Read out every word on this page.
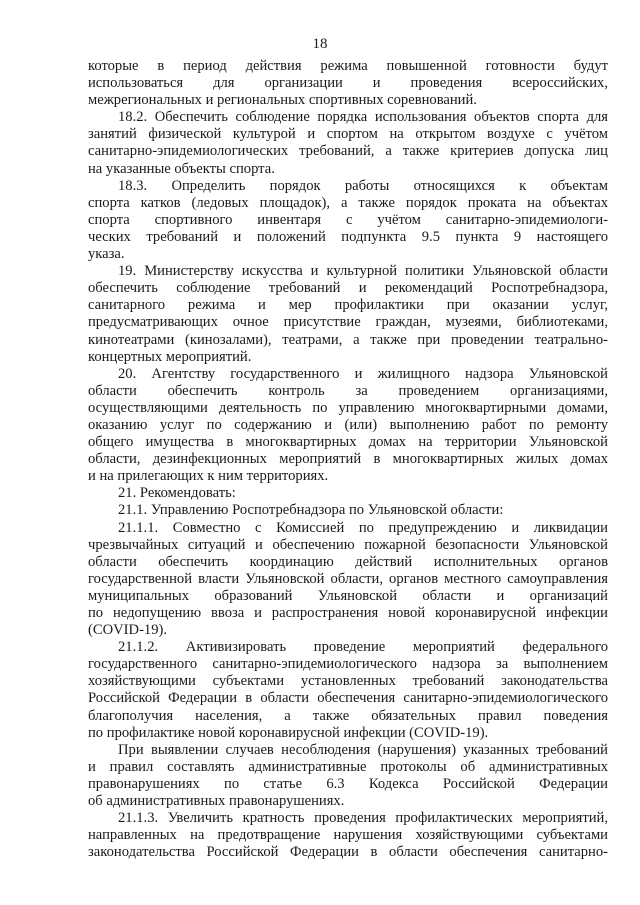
18
которые в период действия режима повышенной готовности будут
использоваться для организации и проведения всероссийских,
межрегиональных и региональных спортивных соревнований.
18.2. Обеспечить соблюдение порядка использования объектов спорта для
занятий физической культурой и спортом на открытом воздухе с учётом
санитарно-эпидемиологических требований, а также критериев допуска лиц
на указанные объекты спорта.
18.3. Определить порядок работы относящихся к объектам
спорта катков (ледовых площадок), а также порядок проката на объектах
спорта спортивного инвентаря с учётом санитарно-эпидемиологи-
ческих требований и положений подпункта 9.5 пункта 9 настоящего
указа.
19. Министерству искусства и культурной политики Ульяновской области
обеспечить соблюдение требований и рекомендаций Роспотребнадзора,
санитарного режима и мер профилактики при оказании услуг,
предусматривающих очное присутствие граждан, музеями, библиотеками,
кинотеатрами (кинозалами), театрами, а также при проведении театрально-
концертных мероприятий.
20. Агентству государственного и жилищного надзора Ульяновской
области обеспечить контроль за проведением организациями,
осуществляющими деятельность по управлению многоквартирными домами,
оказанию услуг по содержанию и (или) выполнению работ по ремонту
общего имущества в многоквартирных домах на территории Ульяновской
области, дезинфекционных мероприятий в многоквартирных жилых домах
и на прилегающих к ним территориях.
21. Рекомендовать:
21.1. Управлению Роспотребнадзора по Ульяновской области:
21.1.1. Совместно с Комиссией по предупреждению и ликвидации
чрезвычайных ситуаций и обеспечению пожарной безопасности Ульяновской
области обеспечить координацию действий исполнительных органов
государственной власти Ульяновской области, органов местного самоуправления
муниципальных образований Ульяновской области и организаций
по недопущению ввоза и распространения новой коронавирусной инфекции
(COVID-19).
21.1.2. Активизировать проведение мероприятий федерального
государственного санитарно-эпидемиологического надзора за выполнением
хозяйствующими субъектами установленных требований законодательства
Российской Федерации в области обеспечения санитарно-эпидемиологического
благополучия населения, а также обязательных правил поведения
по профилактике новой коронавирусной инфекции (COVID-19).
При выявлении случаев несоблюдения (нарушения) указанных требований
и правил составлять административные протоколы об административных
правонарушениях по статье 6.3 Кодекса Российской Федерации
об административных правонарушениях.
21.1.3. Увеличить кратность проведения профилактических мероприятий,
направленных на предотвращение нарушения хозяйствующими субъектами
законодательства Российской Федерации в области обеспечения санитарно-
